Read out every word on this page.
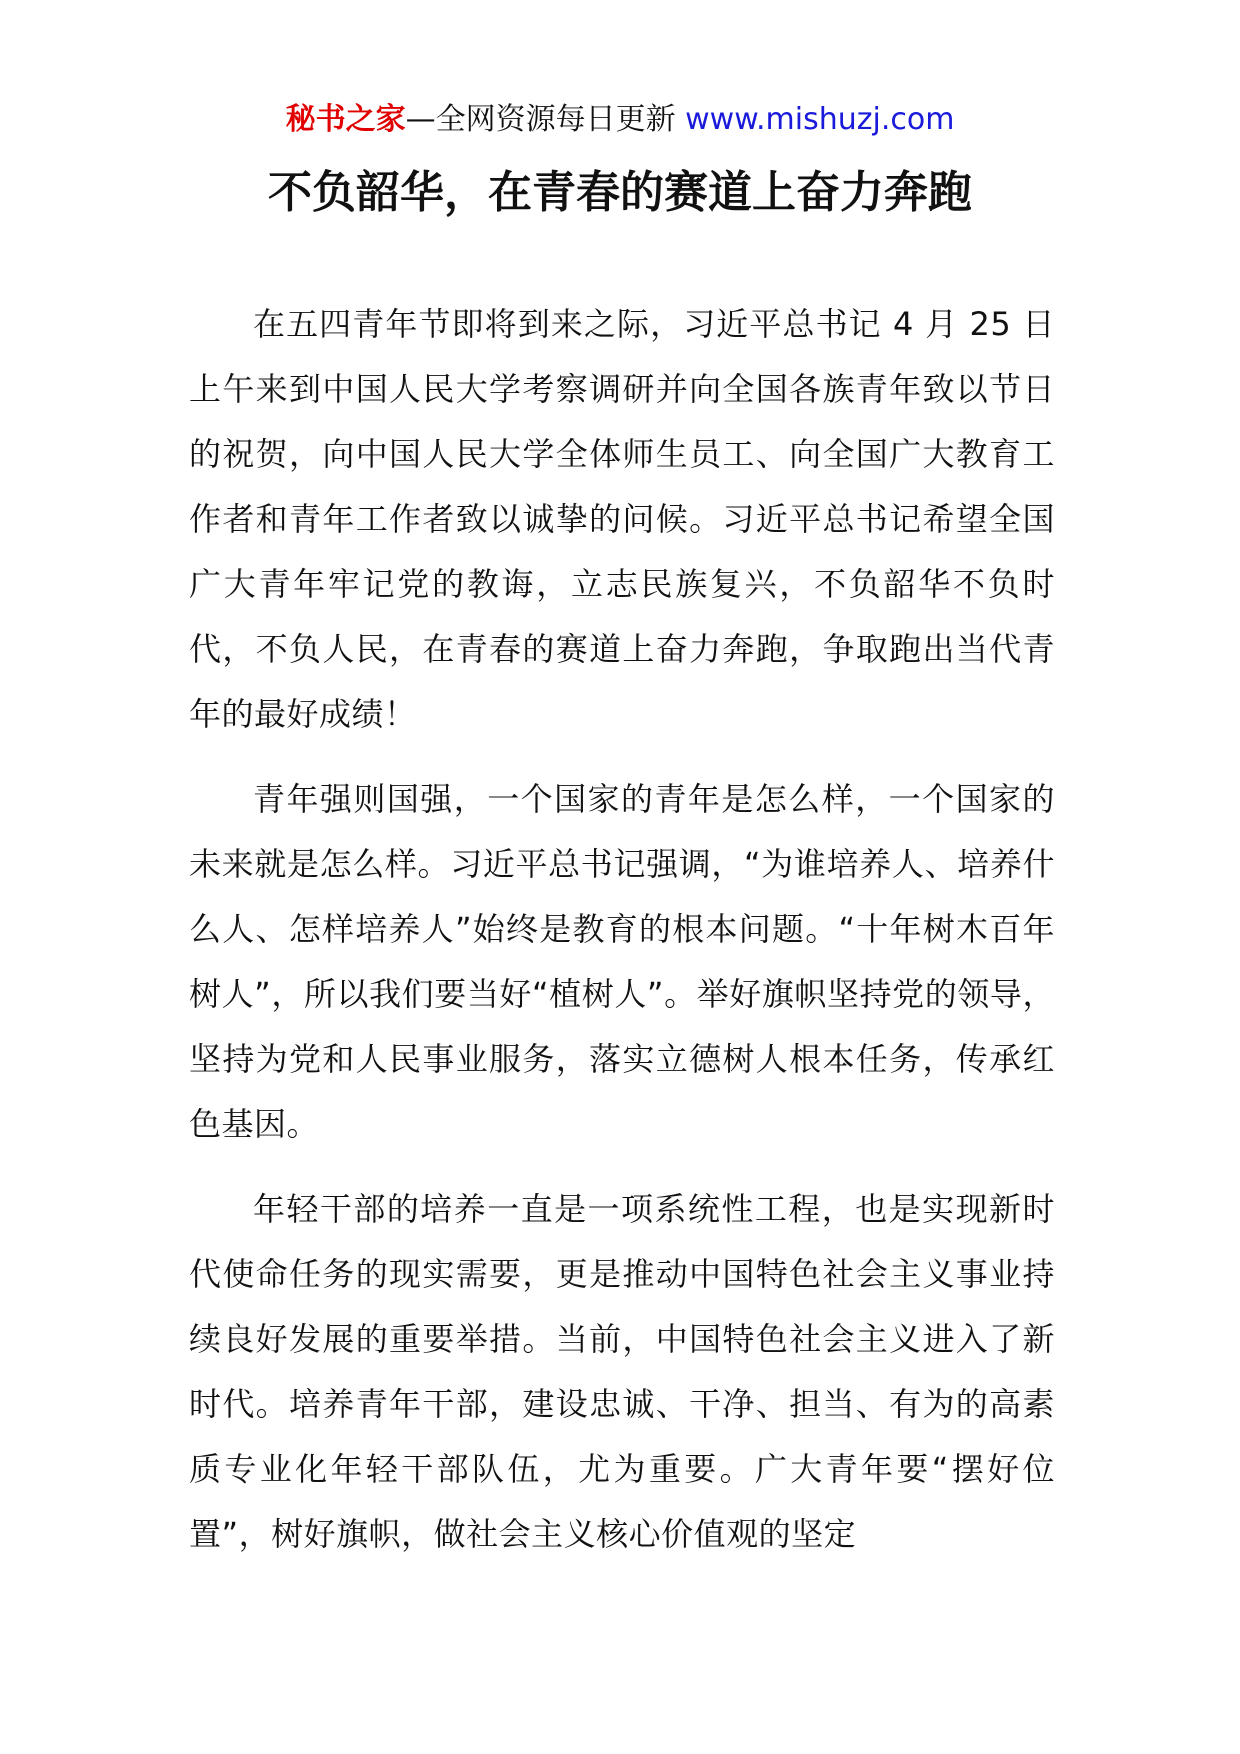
秘书之家—全网资源每日更新 www.mishuzj.com
不负韶华，在青春的赛道上奋力奔跑

在五四青年节即将到来之际，习近平总书记 4 月 25 日上午来到中国人民大学考察调研并向全国各族青年致以节日的祝贺，向中国人民大学全体师生员工、向全国广大教育工作者和青年工作者致以诚挚的问候。习近平总书记希望全国广大青年牢记党的教诲，立志民族复兴，不负韶华不负时代，不负人民，在青春的赛道上奋力奔跑，争取跑出当代青年的最好成绩！

青年强则国强，一个国家的青年是怎么样，一个国家的未来就是怎么样。习近平总书记强调，“为谁培养人、培养什么人、怎样培养人”始终是教育的根本问题。“十年树木百年树人”，所以我们要当好“植树人”。举好旗帜坚持党的领导，坚持为党和人民事业服务，落实立德树人根本任务，传承红色基因。

年轻干部的培养一直是一项系统性工程，也是实现新时代使命任务的现实需要，更是推动中国特色社会主义事业持续良好发展的重要举措。当前，中国特色社会主义进入了新时代。培养青年干部，建设忠诚、干净、担当、有为的高素质专业化年轻干部队伍，尤为重要。广大青年要“摆好位置”，树好旗帜，做社会主义核心价值观的坚定
